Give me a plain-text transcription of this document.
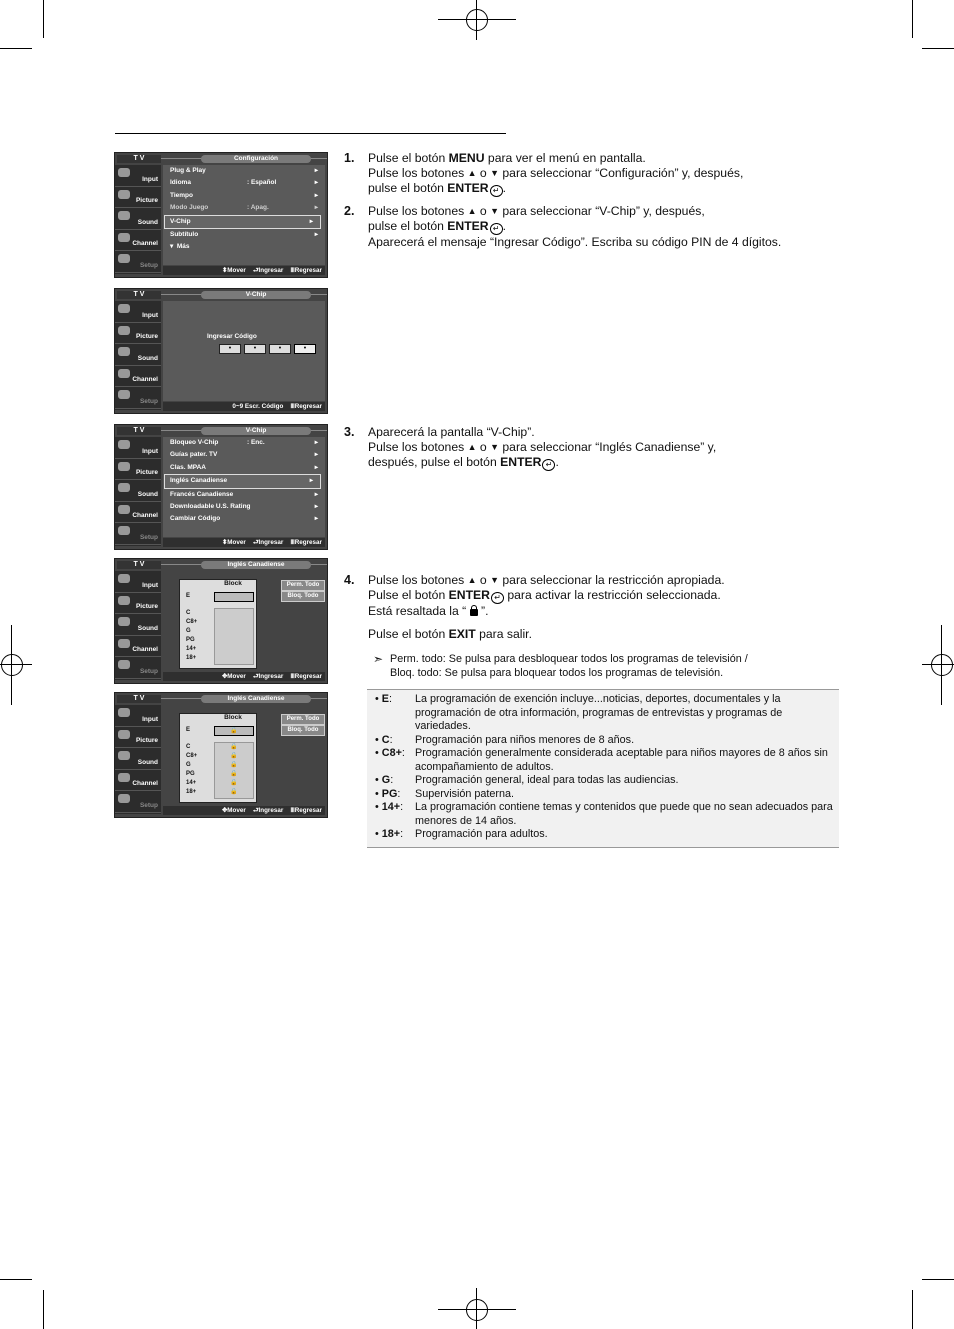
T V	Configuración
Input
Picture
Sound
Channel
Setup
Plug & Play	▸
Idioma	: Español	▸
Tiempo	▸
Modo Juego	: Apag.	▸
V-Chip	▸
Subtítulo	▸
▾  Más
⬍Mover ⮐Ingresar ⅢRegresar
T V	V-Chip
Input
Picture
Sound
Channel
Setup
Ingresar Código
•	•	•	•
0~9 Escr. Código ⅢRegresar
T V	V-Chip
Input
Picture
Sound
Channel
Setup
Bloqueo V-Chip	: Enc.	▸
Guías pater. TV	▸
Clas. MPAA	▸
Inglés Canadiense	▸
Francés Canadiense	▸
Downloadable U.S. Rating	▸
Cambiar Código	▸
⬍Mover ⮐Ingresar ⅢRegresar
T V	Inglés Canadiense
Input
Picture
Sound
Channel
Setup
Block
E
C
C8+
G
PG
14+
18+
Perm. Todo
Bloq. Todo
✥Mover ⮐Ingresar ⅢRegresar
T V	Inglés Canadiense
Input
Picture
Sound
Channel
Setup
Block
E	🔒
C
C8+
G
PG
14+
18+
🔒
🔒
🔒
🔒
🔒
🔒
Perm. Todo
Bloq. Todo
✥Mover ⮐Ingresar ⅢRegresar
1. Pulse el botón MENU para ver el menú en pantalla.

Pulse los botones ▲ o ▼ para seleccionar “Configuración” y, después,

pulse el botón ENTER ↵ .

2. Pulse los botones ▲ o ▼ para seleccionar “V-Chip” y, después,

pulse el botón ENTER ↵ .

Aparecerá el mensaje “Ingresar Código”. Escriba su código PIN de 4 dígitos.

3. Aparecerá la pantalla “V-Chip”.

Pulse los botones ▲ o ▼ para seleccionar “Inglés Canadiense” y,

después, pulse el botón ENTER ↵ .

4. Pulse los botones ▲ o ▼ para seleccionar la restricción apropiada.

Pulse el botón ENTER ↵ para activar la restricción seleccionada.

Está resaltada la “  ”.

Pulse el botón EXIT para salir.

➣ Perm. todo: Se pulsa para desbloquear todos los programas de televisión /
Bloq. todo: Se pulsa para bloquear todos los programas de televisión.
• E: La programación de exención incluye...noticias, deportes, documentales y la programación de otra información, programas de entrevistas y programas de variedades.
• C: Programación para niños menores de 8 años.
• C8+: Programación generalmente considerada aceptable para niños mayores de 8 años sin acompañamiento de adultos.
• G: Programación general, ideal para todas las audiencias.
• PG: Supervisión paterna.
• 14+: La programación contiene temas y contenidos que puede que no sean adecuados para menores de 14 años.
• 18+: Programación para adultos.
